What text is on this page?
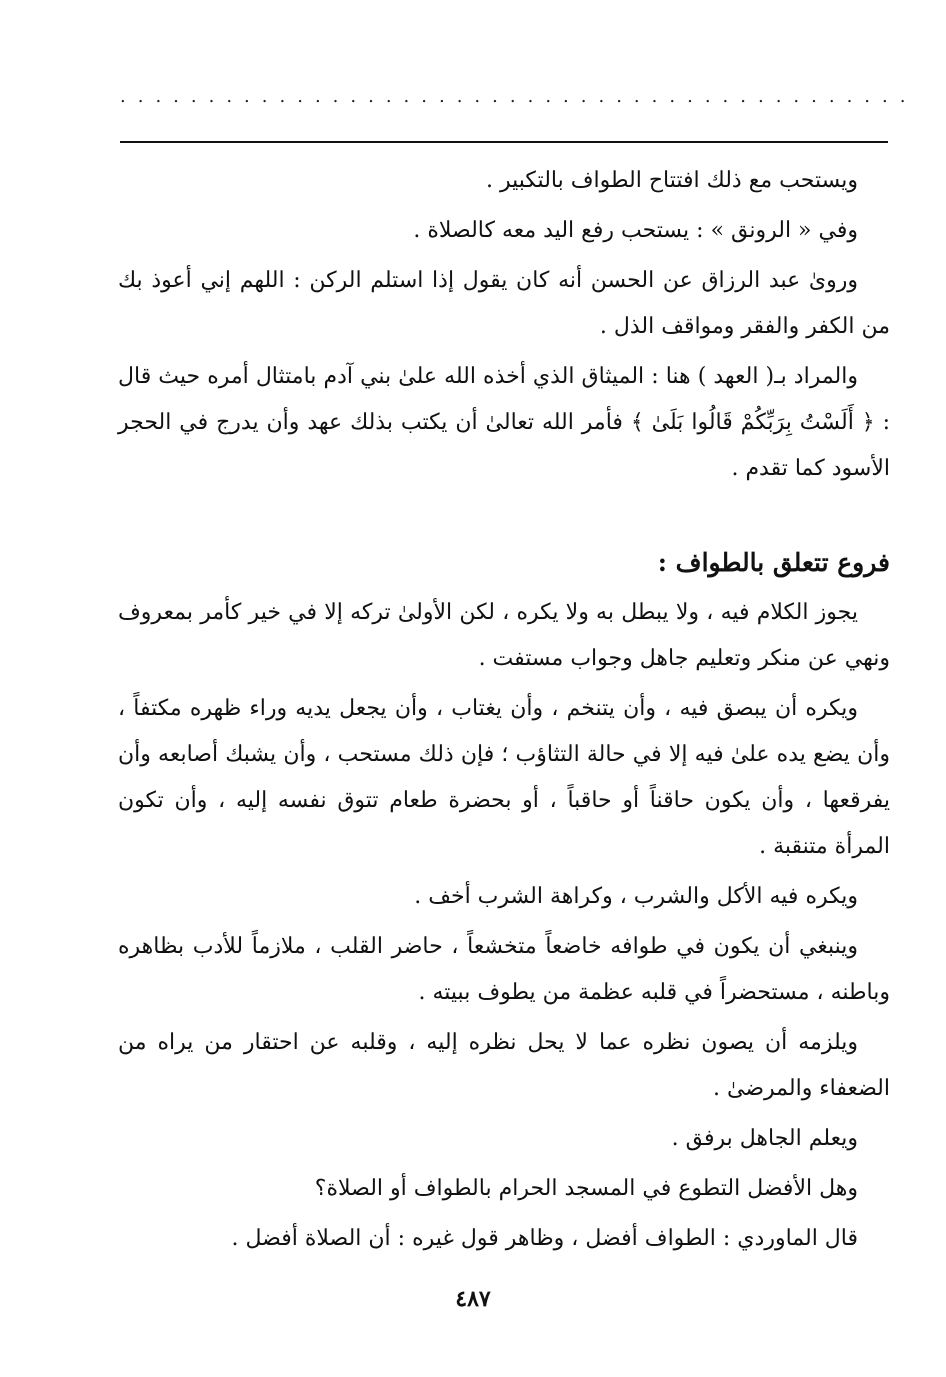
.............................................

ويستحب مع ذلك افتتاح الطواف بالتكبير .

وفي « الرونق » : يستحب رفع اليد معه كالصلاة .

وروىٰ عبد الرزاق عن الحسن أنه كان يقول إذا استلم الركن : اللهم إني أعوذ بك من الكفر والفقر ومواقف الذل .

والمراد بـ( العهد ) هنا : الميثاق الذي أخذه الله علىٰ بني آدم بامتثال أمره حيث قال : ﴿ أَلَسْتُ بِرَبِّكُمْ قَالُوا بَلَىٰ ﴾ فأمر الله تعالىٰ أن يكتب بذلك عهد وأن يدرج في الحجر الأسود كما تقدم .

فروع تتعلق بالطواف :

يجوز الكلام فيه ، ولا يبطل به ولا يكره ، لكن الأولىٰ تركه إلا في خير كأمر بمعروف ونهي عن منكر وتعليم جاهل وجواب مستفت .

ويكره أن يبصق فيه ، وأن يتنخم ، وأن يغتاب ، وأن يجعل يديه وراء ظهره مكتفاً ، وأن يضع يده علىٰ فيه إلا في حالة التثاؤب ؛ فإن ذلك مستحب ، وأن يشبك أصابعه وأن يفرقعها ، وأن يكون حاقناً أو حاقباً ، أو بحضرة طعام تتوق نفسه إليه ، وأن تكون المرأة متنقبة .

ويكره فيه الأكل والشرب ، وكراهة الشرب أخف .

وينبغي أن يكون في طوافه خاضعاً متخشعاً ، حاضر القلب ، ملازماً للأدب بظاهره وباطنه ، مستحضراً في قلبه عظمة من يطوف ببيته .

ويلزمه أن يصون نظره عما لا يحل نظره إليه ، وقلبه عن احتقار من يراه من الضعفاء والمرضىٰ .

ويعلم الجاهل برفق .

وهل الأفضل التطوع في المسجد الحرام بالطواف أو الصلاة؟

قال الماوردي : الطواف أفضل ، وظاهر قول غيره : أن الصلاة أفضل .

٤٨٧
